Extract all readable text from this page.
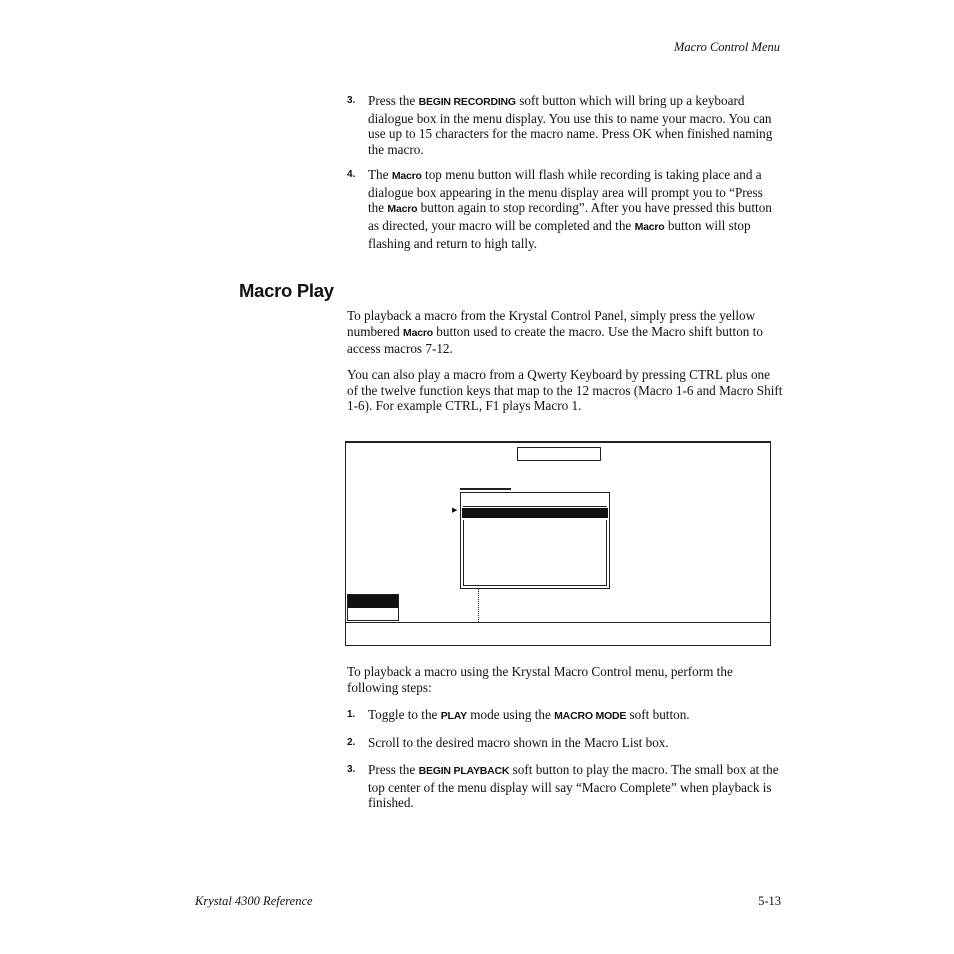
Macro Control Menu
3. Press the BEGIN RECORDING soft button which will bring up a keyboard dialogue box in the menu display. You use this to name your macro. You can use up to 15 characters for the macro name. Press OK when finished naming the macro.
4. The Macro top menu button will flash while recording is taking place and a dialogue box appearing in the menu display area will prompt you to “Press the Macro button again to stop recording”. After you have pressed this button as directed, your macro will be completed and the Macro button will stop flashing and return to high tally.
Macro Play
To playback a macro from the Krystal Control Panel, simply press the yellow numbered Macro button used to create the macro. Use the Macro shift button to access macros 7-12.
You can also play a macro from a Qwerty Keyboard by pressing CTRL plus one of the twelve function keys that map to the 12 macros (Macro 1-6 and Macro Shift 1-6). For example CTRL, F1 plays Macro 1.
▶
To playback a macro using the Krystal Macro Control menu, perform the following steps:
1. Toggle to the PLAY mode using the MACRO MODE soft button.
2. Scroll to the desired macro shown in the Macro List box.
3. Press the BEGIN PLAYBACK soft button to play the macro. The small box at the top center of the menu display will say “Macro Complete” when playback is finished.
Krystal 4300 Reference	5-13
